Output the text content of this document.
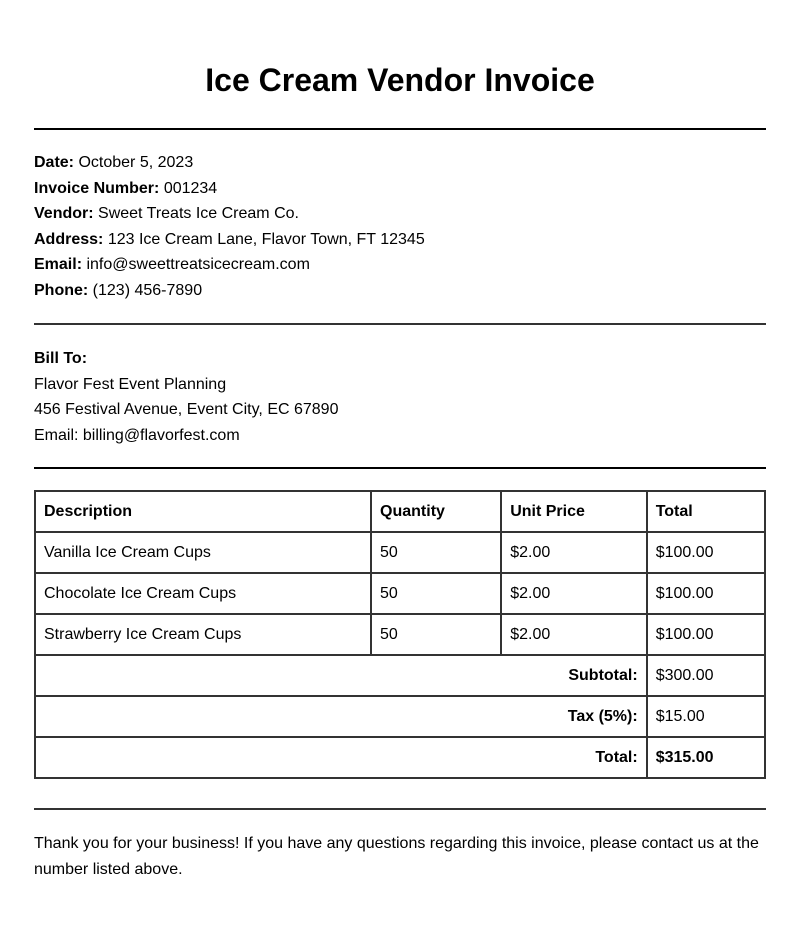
Ice Cream Vendor Invoice
Date: October 5, 2023
Invoice Number: 001234
Vendor: Sweet Treats Ice Cream Co.
Address: 123 Ice Cream Lane, Flavor Town, FT 12345
Email: info@sweettreatsicecream.com
Phone: (123) 456-7890
Bill To:
Flavor Fest Event Planning
456 Festival Avenue, Event City, EC 67890
Email: billing@flavorfest.com
Description	Quantity	Unit Price	Total
Vanilla Ice Cream Cups	50	$2.00	$100.00
Chocolate Ice Cream Cups	50	$2.00	$100.00
Strawberry Ice Cream Cups	50	$2.00	$100.00
Subtotal:			$300.00
Tax (5%):			$15.00
Total:			$315.00
Thank you for your business! If you have any questions regarding this invoice, please contact us at the number listed above.
